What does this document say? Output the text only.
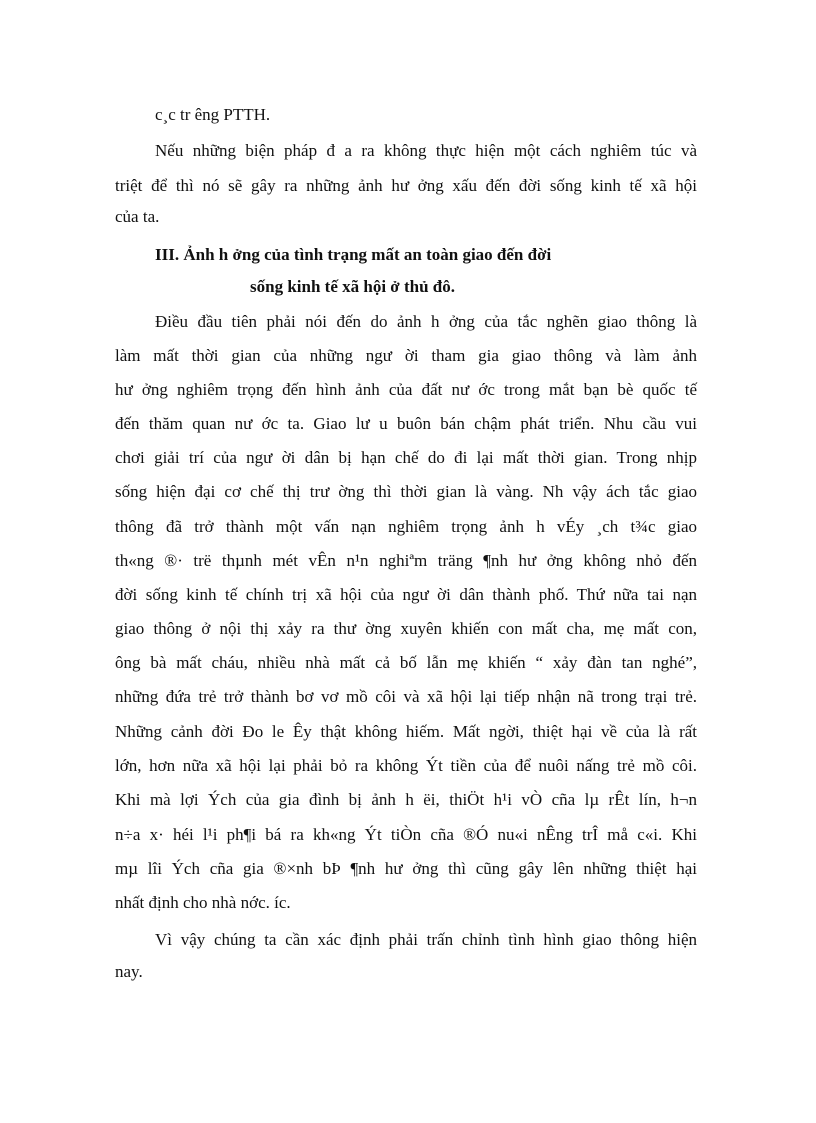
c¸c tr êng PTTH.
Nếu những biện pháp đ a ra không thực hiện một cách nghiêm túc và
triệt để thì nó sẽ gây ra những ảnh hư ởng xấu đến đời sống kinh tế xã hội
của ta.
III. Ảnh h ởng của tình trạng mất an toàn giao đến đời
sống kinh tế xã hội ở thủ đô.
Điều đầu tiên phải nói đến do ảnh h ởng của tắc nghẽn giao thông là
làm mất thời gian của những ngư ời tham gia giao thông và làm ảnh
hư ởng nghiêm trọng đến hình ảnh của đất nư ớc trong mắt bạn bè quốc tế
đến thăm quan nư ớc ta. Giao lư u buôn bán chậm phát triển. Nhu cầu vui
chơi giải trí của ngư ời dân bị hạn chế do đi lại mất thời gian. Trong nhịp
sống hiện đại cơ chế thị trư ờng thì thời gian là vàng. Nh vậy ách tắc giao
thông đã trở thành một vấn nạn nghiêm trọng ảnh h vÉy ¸ch t¾c giao
th«ng ®· trë thµnh mét vÊn n¹n nghiªm träng ¶nh hư ởng không nhỏ đến
đời sống kinh tế chính trị xã hội của ngư ời dân thành phố. Thứ nữa tai nạn
giao thông ở nội thị xảy ra thư ờng xuyên khiến con mất cha, mẹ mất con,
ông bà mất cháu, nhiều nhà mất cả bố lẫn mẹ khiến “ xảy đàn tan nghé”,
những đứa trẻ trở thành bơ vơ mồ côi và xã hội lại tiếp nhận nã trong trại trẻ.
Những cảnh đời Đo le Êy thật không hiếm. Mất ngời, thiệt hại về của là rất
lớn, hơn nữa xã hội lại phải bỏ ra không Ýt tiền của để nuôi nấng trẻ mồ côi.
Khi mà lợi Ých của gia đình bị ảnh h ëi, thiÖt h¹i vÒ cña lµ rÊt lín, h¬n
n÷a x· héi l¹i ph¶i bá ra kh«ng Ýt tiÒn cña ®Ó nu«i nÊng trÎ må c«i. Khi
mµ lîi Ých cña gia ®×nh bÞ ¶nh hư ởng thì cũng gây lên những thiệt hại
nhất định cho nhà nớc. íc.
Vì vậy chúng ta cần xác định phải trấn chỉnh tình hình giao thông hiện
nay.
